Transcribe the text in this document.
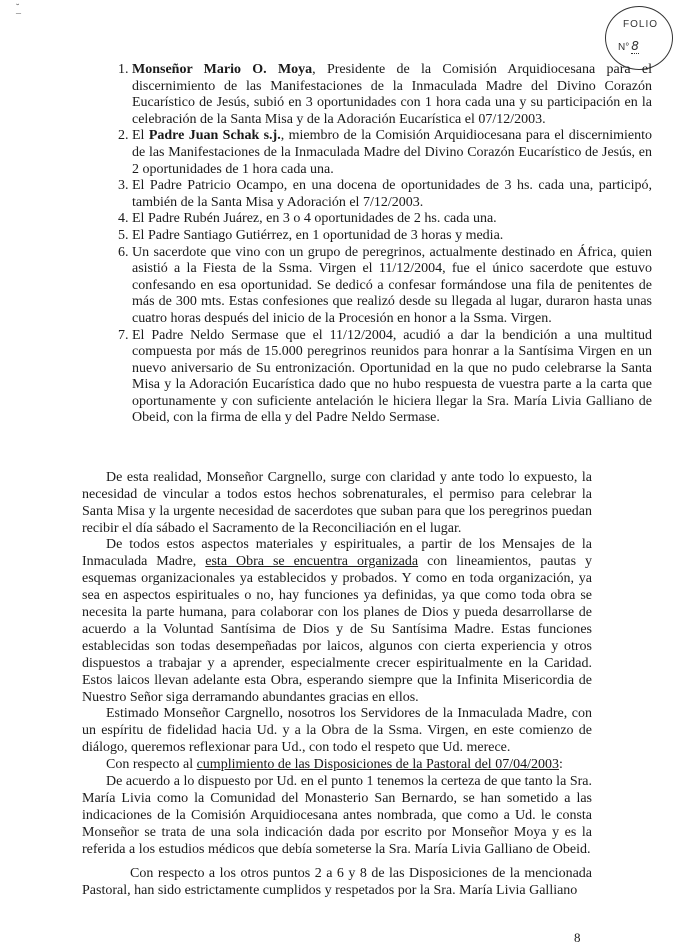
˘
¯
FOLIO
N° 8
1. Monseñor Mario O. Moya, Presidente de la Comisión Arquidiocesana para el discernimiento de las Manifestaciones de la Inmaculada Madre del Divino Corazón Eucarístico de Jesús, subió en 3 oportunidades con 1 hora cada una y su participación en la celebración de la Santa Misa y de la Adoración Eucarística el 07/12/2003.
2. El Padre Juan Schak s.j., miembro de la Comisión Arquidiocesana para el discernimiento de las Manifestaciones de la Inmaculada Madre del Divino Corazón Eucarístico de Jesús, en 2 oportunidades de 1 hora cada una.
3. El Padre Patricio Ocampo, en una docena de oportunidades de 3 hs. cada una, participó, también de la Santa Misa y Adoración el 7/12/2003.
4. El Padre Rubén Juárez, en 3 o 4 oportunidades de 2 hs. cada una.
5. El Padre Santiago Gutiérrez, en 1 oportunidad de 3 horas y media.
6. Un sacerdote que vino con un grupo de peregrinos, actualmente destinado en África, quien asistió a la Fiesta de la Ssma. Virgen el 11/12/2004, fue el único sacerdote que estuvo confesando en esa oportunidad. Se dedicó a confesar formándose una fila de penitentes de más de 300 mts. Estas confesiones que realizó desde su llegada al lugar, duraron hasta unas cuatro horas después del inicio de la Procesión en honor a la Ssma. Virgen.
7. El Padre Neldo Sermase que el 11/12/2004, acudió a dar la bendición a una multitud compuesta por más de 15.000 peregrinos reunidos para honrar a la Santísima Virgen en un nuevo aniversario de Su entronización. Oportunidad en la que no pudo celebrarse la Santa Misa y la Adoración Eucarística dado que no hubo respuesta de vuestra parte a la carta que oportunamente y con suficiente antelación le hiciera llegar la Sra. María Livia Galliano de Obeid, con la firma de ella y del Padre Neldo Sermase.

De esta realidad, Monseñor Cargnello, surge con claridad y ante todo lo expuesto, la necesidad de vincular a todos estos hechos sobrenaturales, el permiso para celebrar la Santa Misa y la urgente necesidad de sacerdotes que suban para que los peregrinos puedan recibir el día sábado el Sacramento de la Reconciliación en el lugar.

De todos estos aspectos materiales y espirituales, a partir de los Mensajes de la Inmaculada Madre, esta Obra se encuentra organizada con lineamientos, pautas y esquemas organizacionales ya establecidos y probados. Y como en toda organización, ya sea en aspectos espirituales o no, hay funciones ya definidas, ya que como toda obra se necesita la parte humana, para colaborar con los planes de Dios y pueda desarrollarse de acuerdo a la Voluntad Santísima de Dios y de Su Santísima Madre. Estas funciones establecidas son todas desempeñadas por laicos, algunos con cierta experiencia y otros dispuestos a trabajar y a aprender, especialmente crecer espiritualmente en la Caridad. Estos laicos llevan adelante esta Obra, esperando siempre que la Infinita Misericordia de Nuestro Señor siga derramando abundantes gracias en ellos.

Estimado Monseñor Cargnello, nosotros los Servidores de la Inmaculada Madre, con un espíritu de fidelidad hacia Ud. y a la Obra de la Ssma. Virgen, en este comienzo de diálogo, queremos reflexionar para Ud., con todo el respeto que Ud. merece.

Con respecto al cumplimiento de las Disposiciones de la Pastoral del 07/04/2003:

De acuerdo a lo dispuesto por Ud. en el punto 1 tenemos la certeza de que tanto la Sra. María Livia como la Comunidad del Monasterio San Bernardo, se han sometido a las indicaciones de la Comisión Arquidiocesana antes nombrada, que como a Ud. le consta Monseñor se trata de una sola indicación dada por escrito por Monseñor Moya y es la referida a los estudios médicos que debía someterse la Sra. María Livia Galliano de Obeid.

Con respecto a los otros puntos 2 a 6 y 8 de las Disposiciones de la mencionada Pastoral, han sido estrictamente cumplidos y respetados por la Sra. María Livia Galliano

8
